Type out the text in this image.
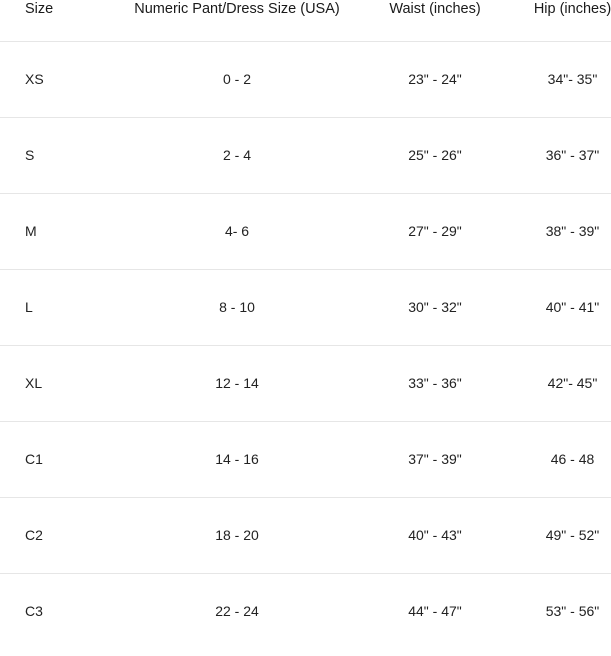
Size	Numeric Pant/Dress Size (USA)	Waist (inches)	Hip (inches)
XS	0 - 2	23" - 24"	34"- 35"
S	2 - 4	25" - 26"	36" - 37"
M	4- 6	27" - 29"	38" - 39"
L	8 - 10	30" - 32"	40" - 41"
XL	12 - 14	33" - 36"	42"- 45"
C1	14 - 16	37" - 39"	46 - 48
C2	18 - 20	40" - 43"	49" - 52"
C3	22 - 24	44" - 47"	53" - 56"
